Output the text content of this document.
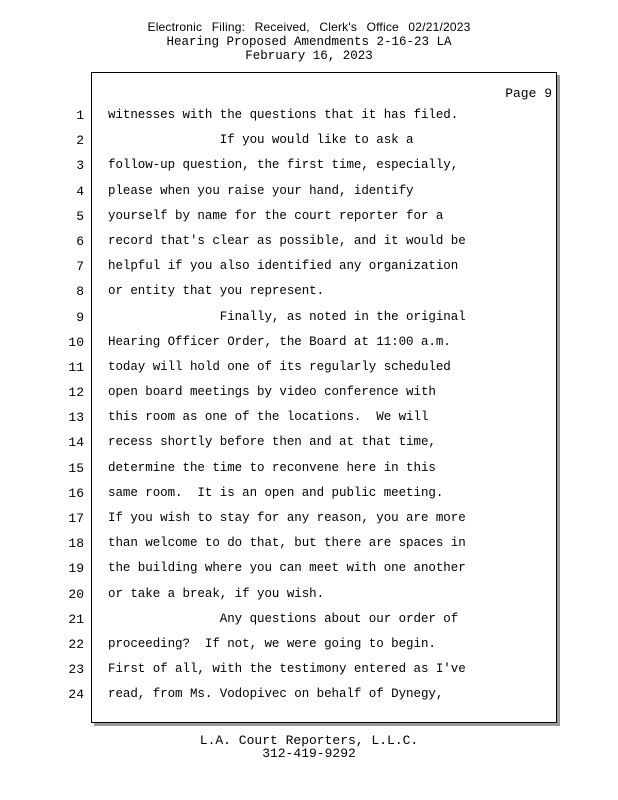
Electronic Filing: Received, Clerk's Office 02/21/2023
Hearing Proposed Amendments 2-16-23 LA
February 16, 2023
Page 9
1 witnesses with the questions that it has filed.
2 If you would like to ask a
3 follow-up question, the first time, especially,
4 please when you raise your hand, identify
5 yourself by name for the court reporter for a
6 record that's clear as possible, and it would be
7 helpful if you also identified any organization
8 or entity that you represent.
9 Finally, as noted in the original
10 Hearing Officer Order, the Board at 11:00 a.m.
11 today will hold one of its regularly scheduled
12 open board meetings by video conference with
13 this room as one of the locations.  We will
14 recess shortly before then and at that time,
15 determine the time to reconvene here in this
16 same room.  It is an open and public meeting.
17 If you wish to stay for any reason, you are more
18 than welcome to do that, but there are spaces in
19 the building where you can meet with one another
20 or take a break, if you wish.
21 Any questions about our order of
22 proceeding?  If not, we were going to begin.
23 First of all, with the testimony entered as I've
24 read, from Ms. Vodopivec on behalf of Dynegy,
L.A. Court Reporters, L.L.C.
312-419-9292
